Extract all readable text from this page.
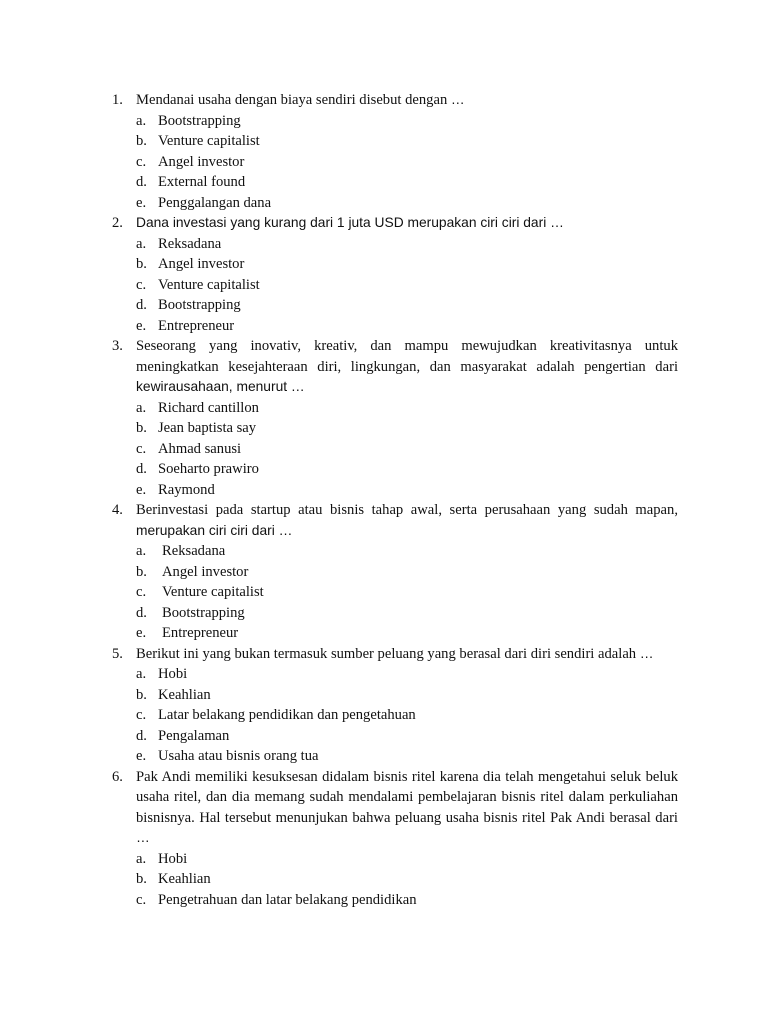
1. Mendanai usaha dengan biaya sendiri disebut dengan …
a. Bootstrapping
b. Venture capitalist
c. Angel investor
d. External found
e. Penggalangan dana
2. Dana investasi yang kurang dari 1 juta USD merupakan ciri ciri dari …
a. Reksadana
b. Angel investor
c. Venture capitalist
d. Bootstrapping
e. Entrepreneur
3. Seseorang yang inovativ, kreativ, dan mampu mewujudkan kreativitasnya untuk meningkatkan kesejahteraan diri, lingkungan, dan masyarakat adalah pengertian dari kewirausahaan, menurut …
a. Richard cantillon
b. Jean baptista say
c. Ahmad sanusi
d. Soeharto prawiro
e. Raymond
4. Berinvestasi pada startup atau bisnis tahap awal, serta perusahaan yang sudah mapan, merupakan ciri ciri dari …
a. Reksadana
b. Angel investor
c. Venture capitalist
d. Bootstrapping
e. Entrepreneur
5. Berikut ini yang bukan termasuk sumber peluang yang berasal dari diri sendiri adalah …
a. Hobi
b. Keahlian
c. Latar belakang pendidikan dan pengetahuan
d. Pengalaman
e. Usaha atau bisnis orang tua
6. Pak Andi memiliki kesuksesan didalam bisnis ritel karena dia telah mengetahui seluk beluk usaha ritel, dan dia memang sudah mendalami pembelajaran bisnis ritel dalam perkuliahan bisnisnya. Hal tersebut menunjukan bahwa peluang usaha bisnis ritel Pak Andi berasal dari …
a. Hobi
b. Keahlian
c. Pengetrahuan dan latar belakang pendidikan
